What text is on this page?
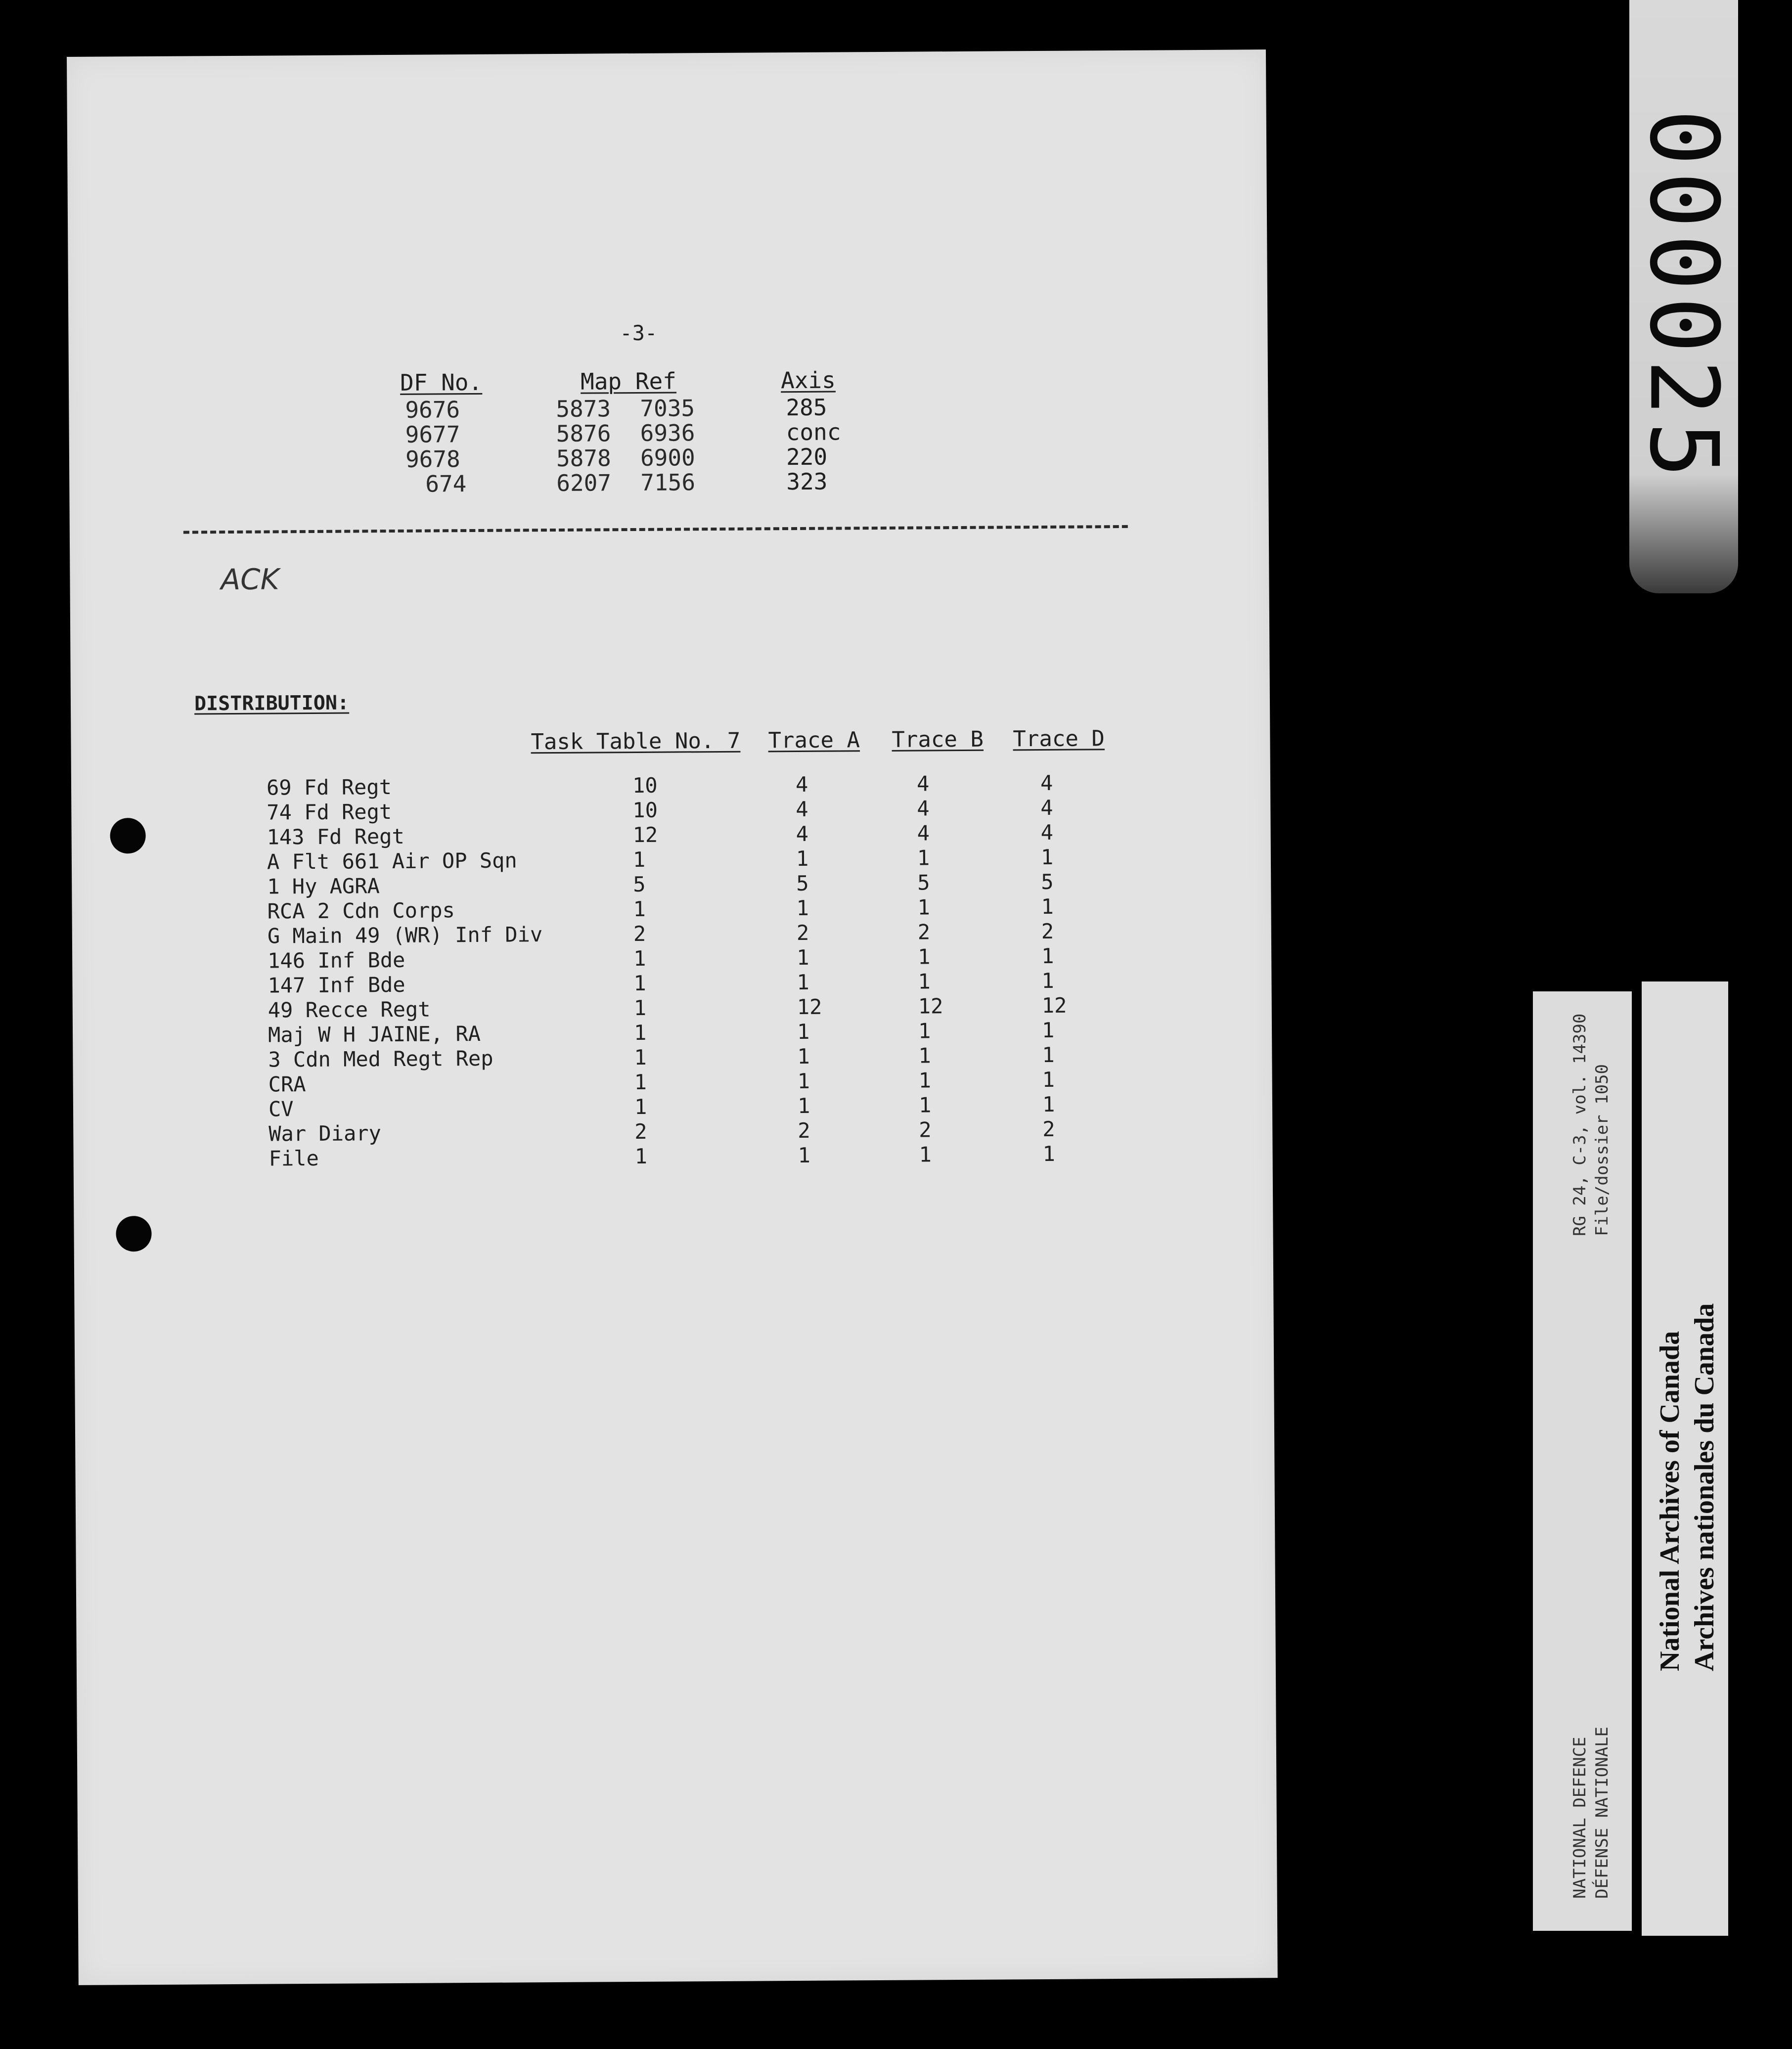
-3-
DF No.	Map Ref	Axis
9676	5873 7035	285
9677	5876 6936	conc
9678	5878 6900	220
674	6207 7156	323
ACK
DISTRIBUTION:
Task Table No. 7 Trace A Trace B Trace D
69 Fd Regt	10	4	4	4
74 Fd Regt	10	4	4	4
143 Fd Regt	12	4	4	4
A Flt 661 Air OP Sqn	1	1	1	1
1 Hy AGRA	5	5	5	5
RCA 2 Cdn Corps	1	1	1	1
G Main 49 (WR) Inf Div	2	2	2	2
146 Inf Bde	1	1	1	1
147 Inf Bde	1	1	1	1
49 Recce Regt	1	12	12	12
Maj W H JAINE, RA	1	1	1	1
3 Cdn Med Regt Rep	1	1	1	1
CRA	1	1	1	1
CV	1	1	1	1
War Diary	2	2	2	2
File	1	1	1	1
000025
RG 24, C-3, vol. 14390 File/dossier 1050
NATIONAL DEFENCE DÉFENSE NATIONALE
National Archives of Canada Archives nationales du Canada
